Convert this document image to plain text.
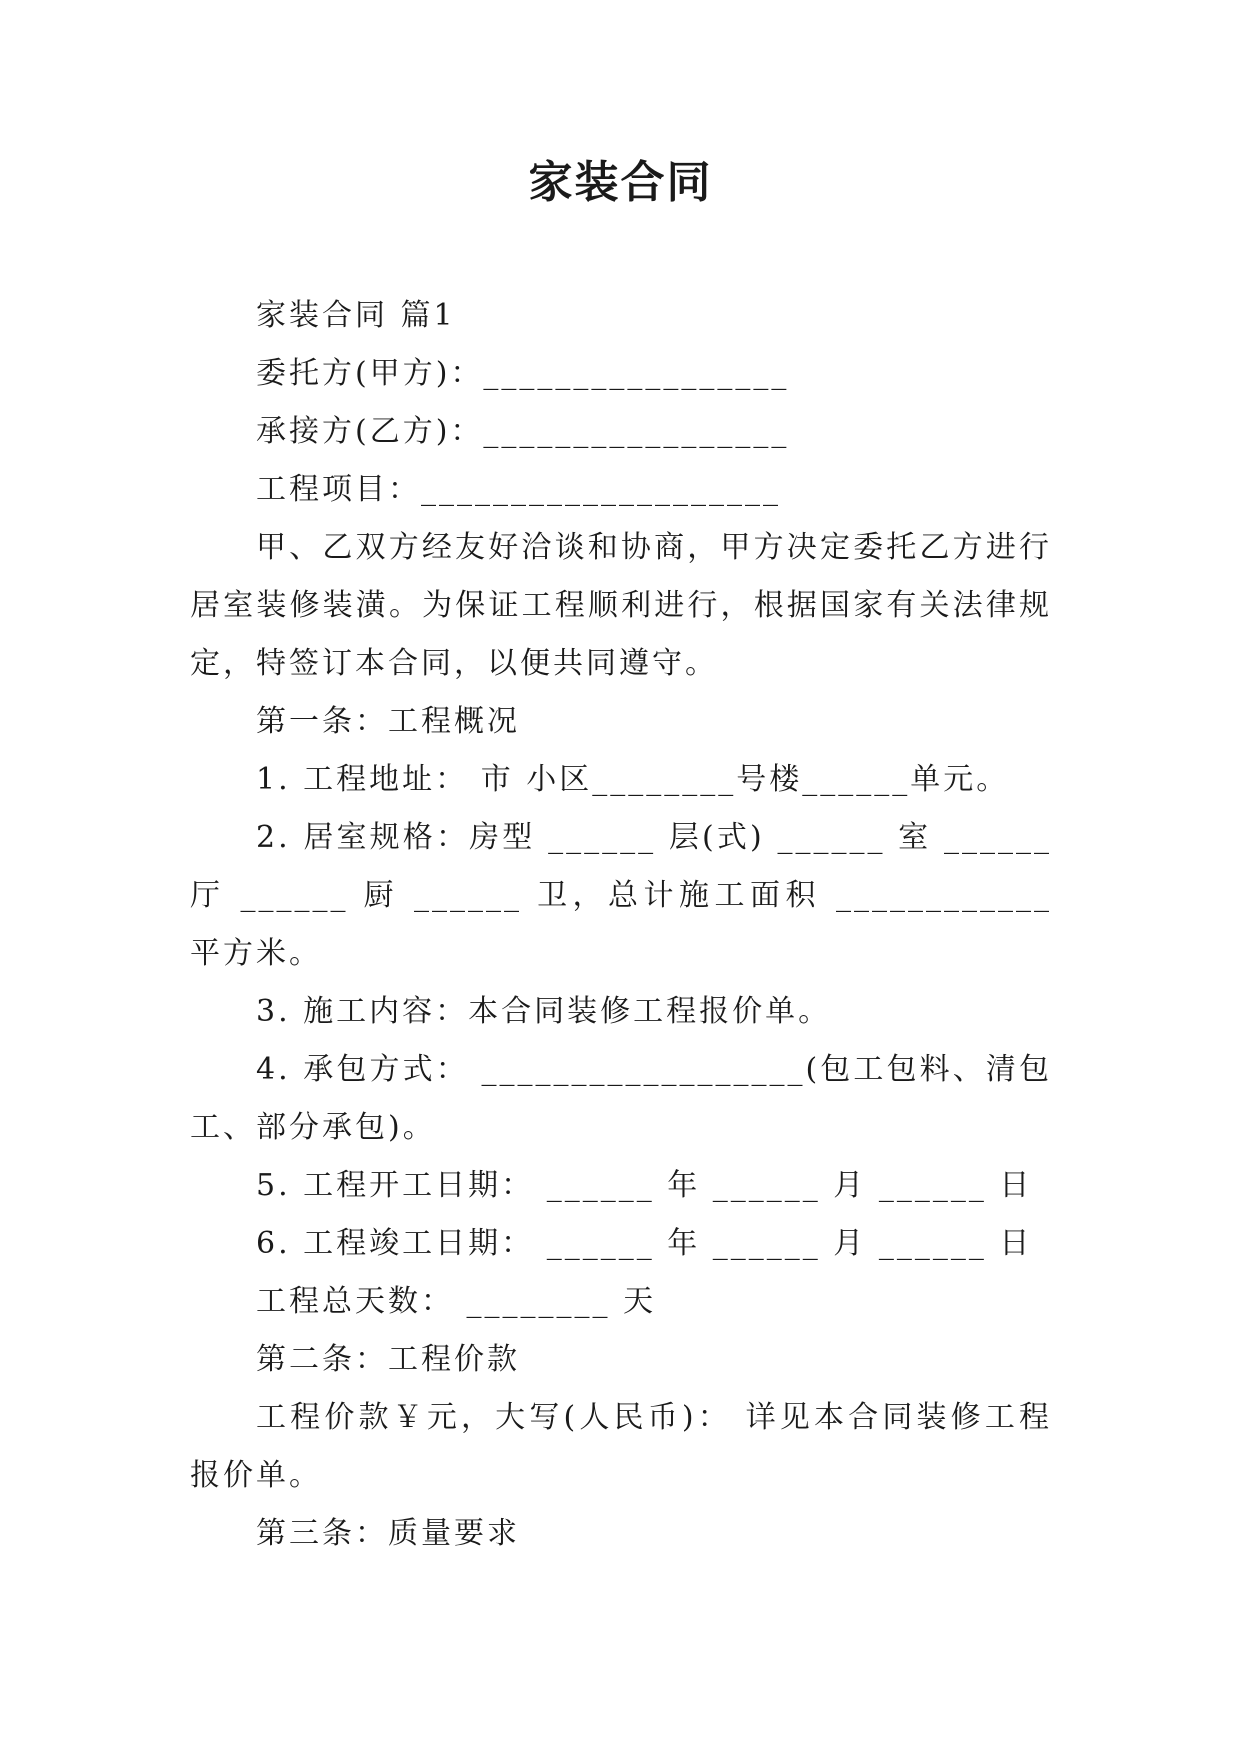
家装合同

家装合同 篇1

委托方(甲方)：_________________

承接方(乙方)：_________________

工程项目：____________________

甲、乙双方经友好洽谈和协商，甲方决定委托乙方进行居室装修装潢。为保证工程顺利进行，根据国家有关法律规定，特签订本合同，以便共同遵守。

第一条：工程概况

1. 工程地址： 市 小区________号楼______单元。

2. 居室规格：房型 ______ 层(式) ______ 室 ______ 厅 ______ 厨 ______ 卫，总计施工面积 ____________ 平方米。

3. 施工内容：本合同装修工程报价单。

4. 承包方式： __________________(包工包料、清包工、部分承包)。

5. 工程开工日期： ______ 年 ______ 月 ______ 日

6. 工程竣工日期： ______ 年 ______ 月 ______ 日

工程总天数： ________ 天

第二条：工程价款

工程价款￥元，大写(人民币)： 详见本合同装修工程报价单。

第三条：质量要求
